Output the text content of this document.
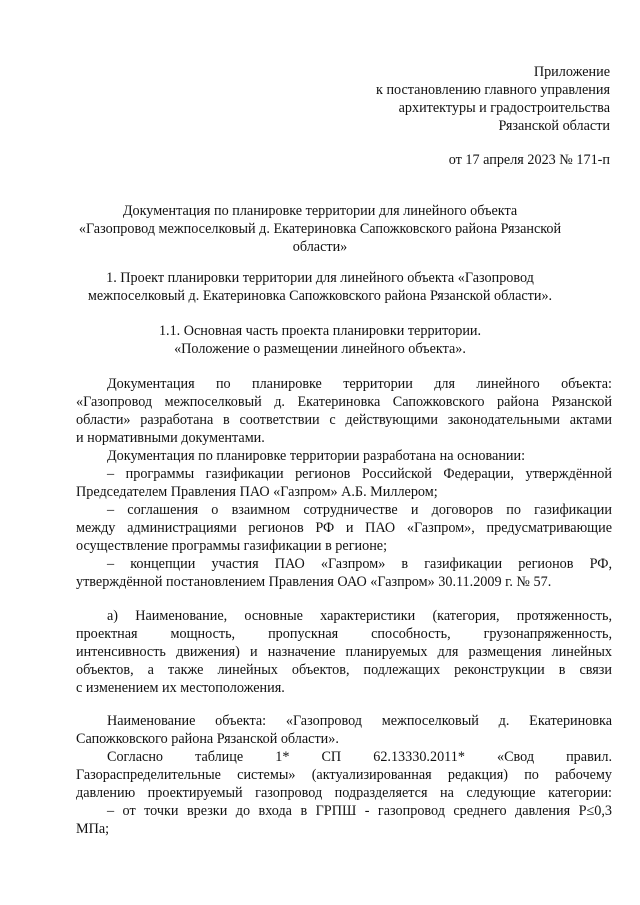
Приложение
к постановлению главного управления
архитектуры и градостроительства
Рязанской области
от 17 апреля 2023 № 171-п
Документация по планировке территории для линейного объекта
«Газопровод межпоселковый д. Екатериновка Сапожковского района Рязанской
области»
1. Проект планировки территории для линейного объекта «Газопровод
межпоселковый д. Екатериновка Сапожковского района Рязанской области».
1.1. Основная часть проекта планировки территории.
«Положение о размещении линейного объекта».
Документация по планировке территории для линейного объекта:
«Газопровод межпоселковый д. Екатериновка Сапожковского района Рязанской
области» разработана в соответствии с действующими законодательными актами
и нормативными документами.
Документация по планировке территории разработана на основании:
– программы газификации регионов Российской Федерации, утверждённой
Председателем Правления ПАО «Газпром» А.Б. Миллером;
– соглашения о взаимном сотрудничестве и договоров по газификации
между администрациями регионов РФ и ПАО «Газпром», предусматривающие
осуществление программы газификации в регионе;
– концепции участия ПАО «Газпром» в газификации регионов РФ,
утверждённой постановлением Правления ОАО «Газпром» 30.11.2009 г. № 57.
а) Наименование, основные характеристики (категория, протяженность,
проектная мощность, пропускная способность, грузонапряженность,
интенсивность движения) и назначение планируемых для размещения линейных
объектов, а также линейных объектов, подлежащих реконструкции в связи
с изменением их местоположения.
Наименование объекта: «Газопровод межпоселковый д. Екатериновка
Сапожковского района Рязанской области».
Согласно таблице 1* СП 62.13330.2011* «Свод правил.
Газораспределительные системы» (актуализированная редакция) по рабочему
давлению проектируемый газопровод подразделяется на следующие категории:
– от точки врезки до входа в ГРПШ - газопровод среднего давления Р≤0,3
МПа;
